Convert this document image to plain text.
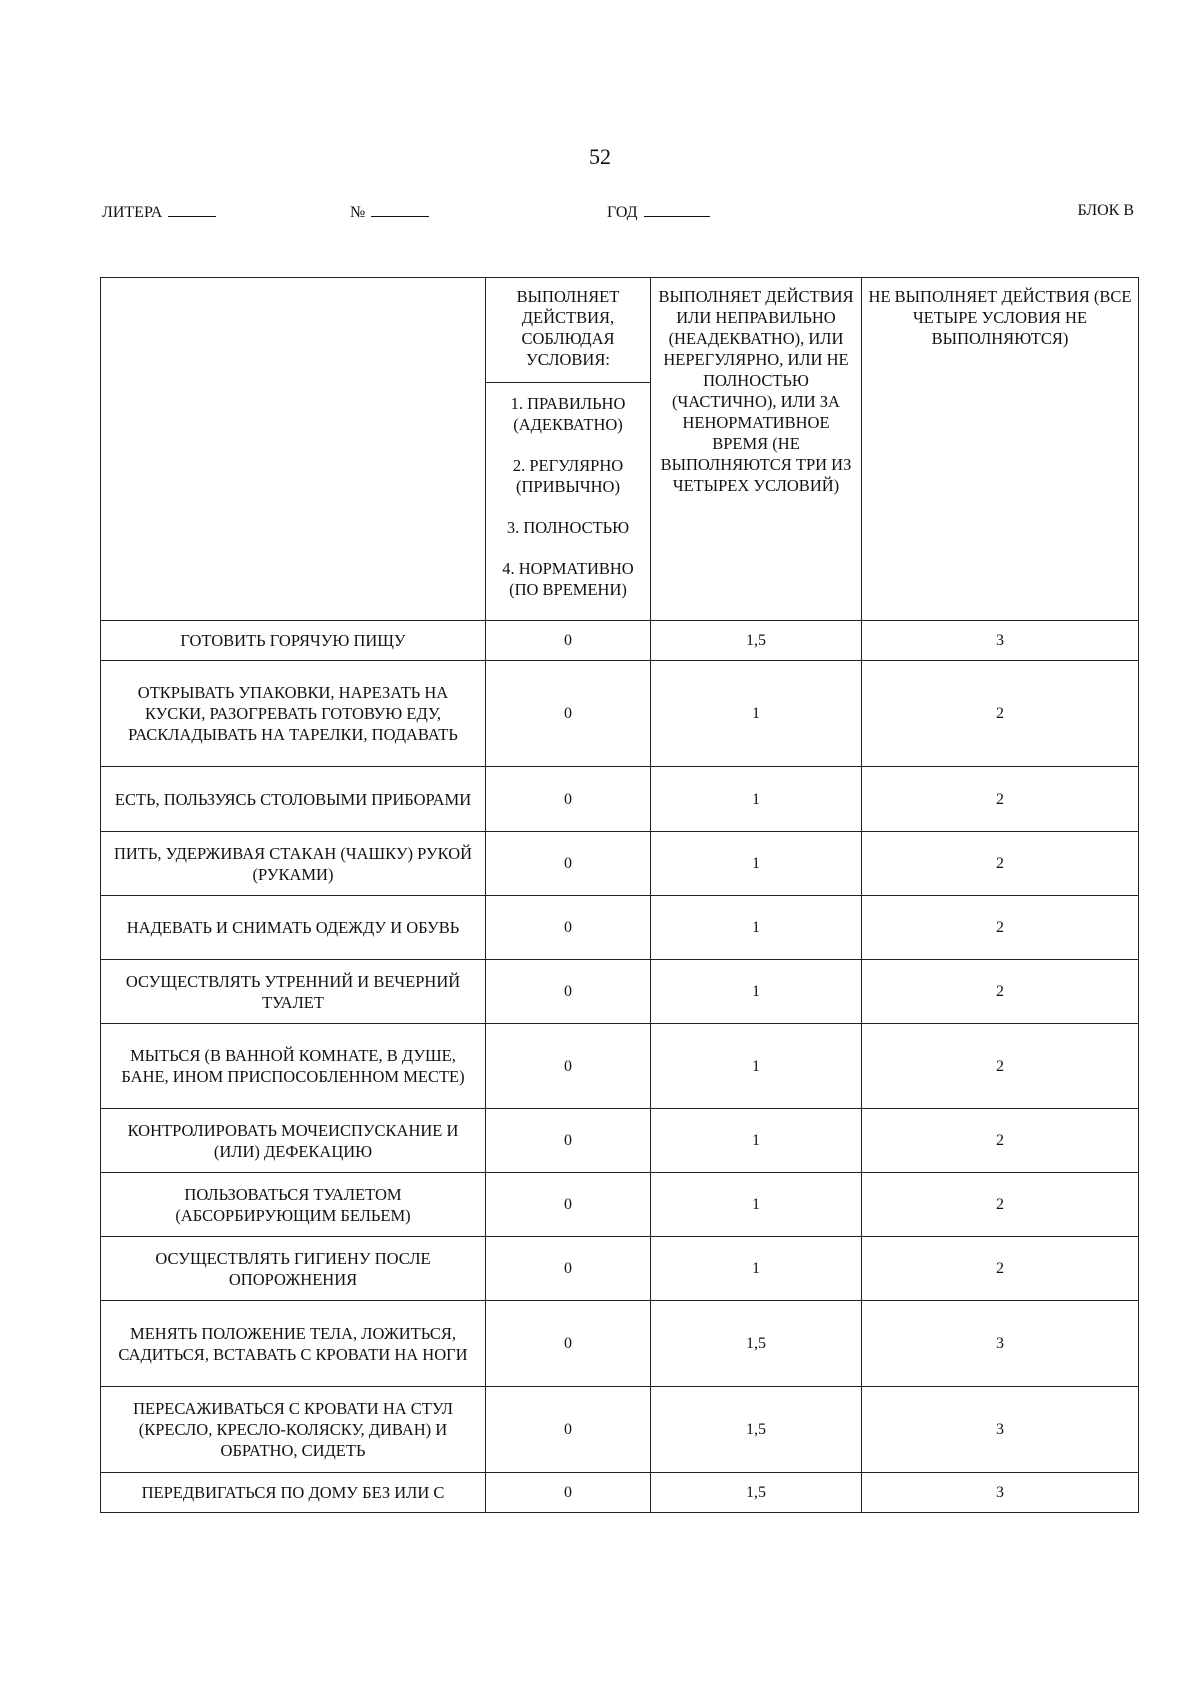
52
ЛИТЕРА	№	ГОД	БЛОК В
	ВЫПОЛНЯЕТ ДЕЙСТВИЯ, СОБЛЮДАЯ УСЛОВИЯ:	ВЫПОЛНЯЕТ ДЕЙСТВИЯ ИЛИ НЕПРАВИЛЬНО (НЕАДЕКВАТНО), ИЛИ НЕРЕГУЛЯРНО, ИЛИ НЕ ПОЛНОСТЬЮ (ЧАСТИЧНО), ИЛИ ЗА НЕНОРМАТИВНОЕ ВРЕМЯ (НЕ ВЫПОЛНЯЮТСЯ ТРИ ИЗ ЧЕТЫРЕХ УСЛОВИЙ)	НЕ ВЫПОЛНЯЕТ ДЕЙСТВИЯ (ВСЕ ЧЕТЫРЕ УСЛОВИЯ НЕ ВЫПОЛНЯЮТСЯ)

	1. ПРАВИЛЬНО (АДЕКВАТНО)
2. РЕГУЛЯРНО (ПРИВЫЧНО)
3. ПОЛНОСТЬЮ
4. НОРМАТИВНО (ПО ВРЕМЕНИ)		

ГОТОВИТЬ ГОРЯЧУЮ ПИЩУ	0	1,5	3
ОТКРЫВАТЬ УПАКОВКИ, НАРЕЗАТЬ НА КУСКИ, РАЗОГРЕВАТЬ ГОТОВУЮ ЕДУ, РАСКЛАДЫВАТЬ НА ТАРЕЛКИ, ПОДАВАТЬ	0	1	2
ЕСТЬ, ПОЛЬЗУЯСЬ СТОЛОВЫМИ ПРИБОРАМИ	0	1	2
ПИТЬ, УДЕРЖИВАЯ СТАКАН (ЧАШКУ) РУКОЙ (РУКАМИ)	0	1	2
НАДЕВАТЬ И СНИМАТЬ ОДЕЖДУ И ОБУВЬ	0	1	2
ОСУЩЕСТВЛЯТЬ УТРЕННИЙ И ВЕЧЕРНИЙ ТУАЛЕТ	0	1	2
МЫТЬСЯ (В ВАННОЙ КОМНАТЕ, В ДУШЕ, БАНЕ, ИНОМ ПРИСПОСОБЛЕННОМ МЕСТЕ)	0	1	2
КОНТРОЛИРОВАТЬ МОЧЕИСПУСКАНИЕ И (ИЛИ) ДЕФЕКАЦИЮ	0	1	2
ПОЛЬЗОВАТЬСЯ ТУАЛЕТОМ (АБСОРБИРУЮЩИМ БЕЛЬЕМ)	0	1	2
ОСУЩЕСТВЛЯТЬ ГИГИЕНУ ПОСЛЕ ОПОРОЖНЕНИЯ	0	1	2
МЕНЯТЬ ПОЛОЖЕНИЕ ТЕЛА, ЛОЖИТЬСЯ, САДИТЬСЯ, ВСТАВАТЬ С КРОВАТИ НА НОГИ	0	1,5	3
ПЕРЕСАЖИВАТЬСЯ С КРОВАТИ НА СТУЛ (КРЕСЛО, КРЕСЛО-КОЛЯСКУ, ДИВАН) И ОБРАТНО, СИДЕТЬ	0	1,5	3
ПЕРЕДВИГАТЬСЯ ПО ДОМУ БЕЗ ИЛИ С	0	1,5	3
